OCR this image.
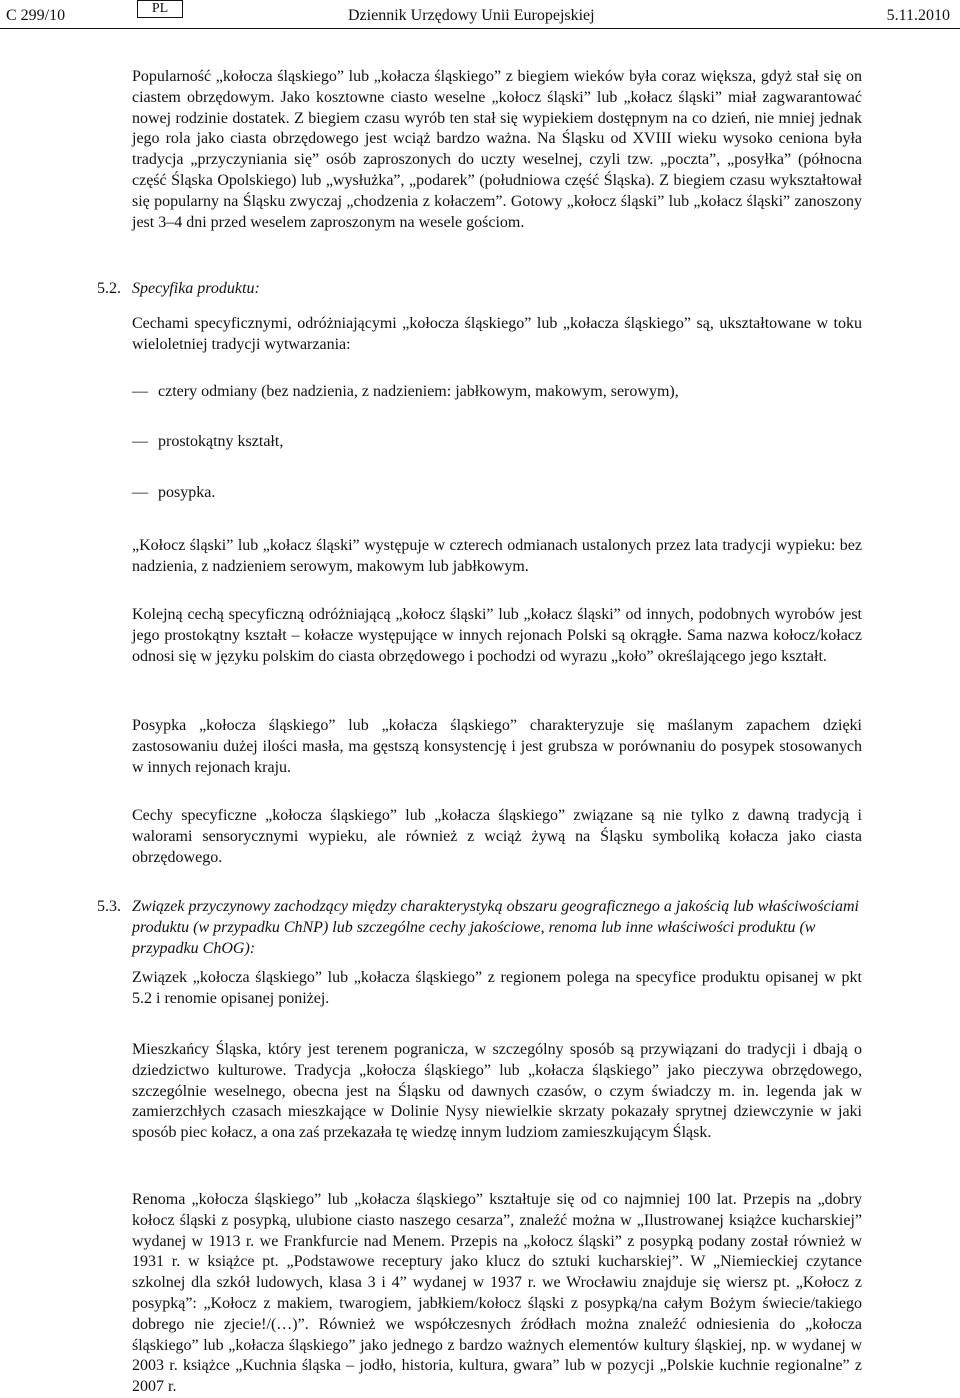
C 299/10	PL	Dziennik Urzędowy Unii Europejskiej	5.11.2010

Popularność „kołocza śląskiego” lub „kołacza śląskiego” z biegiem wieków była coraz większa, gdyż stał się on ciastem obrzędowym. Jako kosztowne ciasto weselne „kołocz śląski” lub „kołacz śląski” miał zagwarantować nowej rodzinie dostatek. Z biegiem czasu wyrób ten stał się wypiekiem dostępnym na co dzień, nie mniej jednak jego rola jako ciasta obrzędowego jest wciąż bardzo ważna. Na Śląsku od XVIII wieku wysoko ceniona była tradycja „przyczyniania się” osób zaproszonych do uczty weselnej, czyli tzw. „poczta”, „posyłka” (północna część Śląska Opolskiego) lub „wysłużka”, „podarek” (południowa część Śląska). Z biegiem czasu wykształtował się popularny na Śląsku zwyczaj „chodzenia z kołaczem”. Gotowy „kołocz śląski” lub „kołacz śląski” zanoszony jest 3–4 dni przed weselem zaproszonym na wesele gościom.

5.2. Specyfika produktu:

Cechami specyficznymi, odróżniającymi „kołocza śląskiego” lub „kołacza śląskiego” są, ukształtowane w toku wieloletniej tradycji wytwarzania:

— cztery odmiany (bez nadzienia, z nadzieniem: jabłkowym, makowym, serowym),

— prostokątny kształt,

— posypka.

„Kołocz śląski” lub „kołacz śląski” występuje w czterech odmianach ustalonych przez lata tradycji wypieku: bez nadzienia, z nadzieniem serowym, makowym lub jabłkowym.

Kolejną cechą specyficzną odróżniającą „kołocz śląski” lub „kołacz śląski” od innych, podobnych wyrobów jest jego prostokątny kształt – kołacze występujące w innych rejonach Polski są okrągłe. Sama nazwa kołocz/kołacz odnosi się w języku polskim do ciasta obrzędowego i pochodzi od wyrazu „koło” określającego jego kształt.

Posypka „kołocza śląskiego” lub „kołacza śląskiego” charakteryzuje się maślanym zapachem dzięki zastosowaniu dużej ilości masła, ma gęstszą konsystencję i jest grubsza w porównaniu do posypek stosowanych w innych rejonach kraju.

Cechy specyficzne „kołocza śląskiego” lub „kołacza śląskiego” związane są nie tylko z dawną tradycją i walorami sensorycznymi wypieku, ale również z wciąż żywą na Śląsku symboliką kołacza jako ciasta obrzędowego.

5.3. Związek przyczynowy zachodzący między charakterystyką obszaru geograficznego a jakością lub właściwościami produktu (w przypadku ChNP) lub szczególne cechy jakościowe, renoma lub inne właściwości produktu (w przypadku ChOG):

Związek „kołocza śląskiego” lub „kołacza śląskiego” z regionem polega na specyfice produktu opisanej w pkt 5.2 i renomie opisanej poniżej.

Mieszkańcy Śląska, który jest terenem pogranicza, w szczególny sposób są przywiązani do tradycji i dbają o dziedzictwo kulturowe. Tradycja „kołocza śląskiego” lub „kołacza śląskiego” jako pieczywa obrzędowego, szczególnie weselnego, obecna jest na Śląsku od dawnych czasów, o czym świadczy m. in. legenda jak w zamierzchłych czasach mieszkające w Dolinie Nysy niewielkie skrzaty pokazały sprytnej dziewczynie w jaki sposób piec kołacz, a ona zaś przekazała tę wiedzę innym ludziom zamieszkującym Śląsk.

Renoma „kołocza śląskiego” lub „kołacza śląskiego” kształtuje się od co najmniej 100 lat. Przepis na „dobry kołocz śląski z posypką, ulubione ciasto naszego cesarza”, znaleźć można w „Ilustrowanej książce kucharskiej” wydanej w 1913 r. we Frankfurcie nad Menem. Przepis na „kołocz śląski” z posypką podany został również w 1931 r. w książce pt. „Podstawowe receptury jako klucz do sztuki kucharskiej”. W „Niemieckiej czytance szkolnej dla szkół ludowych, klasa 3 i 4” wydanej w 1937 r. we Wrocławiu znajduje się wiersz pt. „Kołocz z posypką”: „Kołocz z makiem, twarogiem, jabłkiem/kołocz śląski z posypką/na całym Bożym świecie/takiego dobrego nie zjecie!/(…)”. Również we współczesnych źródłach można znaleźć odniesienia do „kołocza śląskiego” lub „kołacza śląskiego” jako jednego z bardzo ważnych elementów kultury śląskiej, np. w wydanej w 2003 r. książce „Kuchnia śląska – jodło, historia, kultura, gwara” lub w pozycji „Polskie kuchnie regionalne” z 2007 r.
